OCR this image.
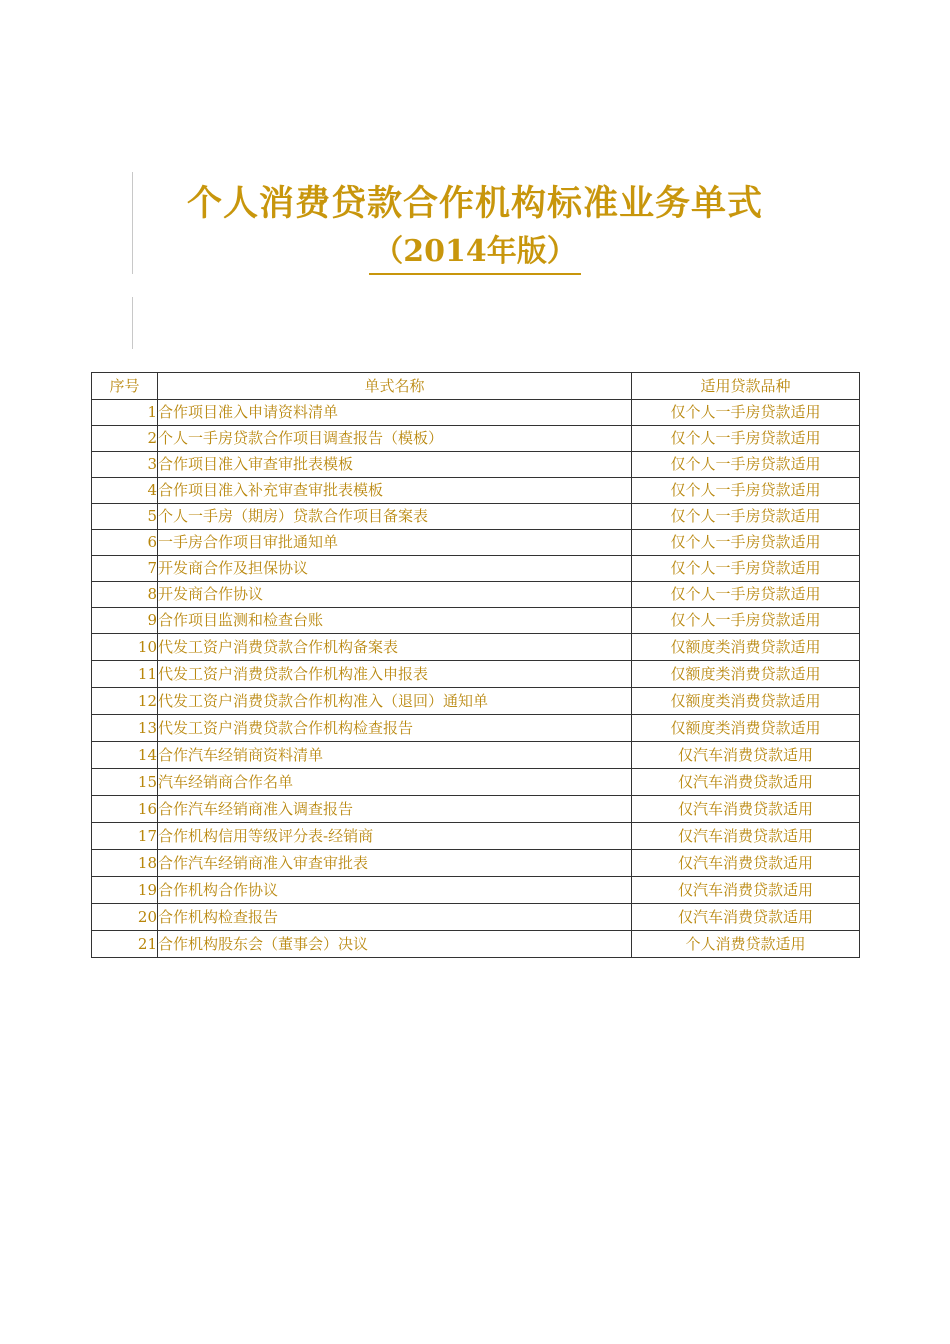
个人消费贷款合作机构标准业务单式
（2014年版）
序号	单式名称	适用贷款品种
1	合作项目准入申请资料清单	仅个人一手房贷款适用
2	个人一手房贷款合作项目调查报告（模板）	仅个人一手房贷款适用
3	合作项目准入审查审批表模板	仅个人一手房贷款适用
4	合作项目准入补充审查审批表模板	仅个人一手房贷款适用
5	个人一手房（期房）贷款合作项目备案表	仅个人一手房贷款适用
6	一手房合作项目审批通知单	仅个人一手房贷款适用
7	开发商合作及担保协议	仅个人一手房贷款适用
8	开发商合作协议	仅个人一手房贷款适用
9	合作项目监测和检查台账	仅个人一手房贷款适用
10	代发工资户消费贷款合作机构备案表	仅额度类消费贷款适用
11	代发工资户消费贷款合作机构准入申报表	仅额度类消费贷款适用
12	代发工资户消费贷款合作机构准入（退回）通知单	仅额度类消费贷款适用
13	代发工资户消费贷款合作机构检查报告	仅额度类消费贷款适用
14	合作汽车经销商资料清单	仅汽车消费贷款适用
15	汽车经销商合作名单	仅汽车消费贷款适用
16	合作汽车经销商准入调查报告	仅汽车消费贷款适用
17	合作机构信用等级评分表-经销商	仅汽车消费贷款适用
18	合作汽车经销商准入审查审批表	仅汽车消费贷款适用
19	合作机构合作协议	仅汽车消费贷款适用
20	合作机构检查报告	仅汽车消费贷款适用
21	合作机构股东会（董事会）决议	个人消费贷款适用
